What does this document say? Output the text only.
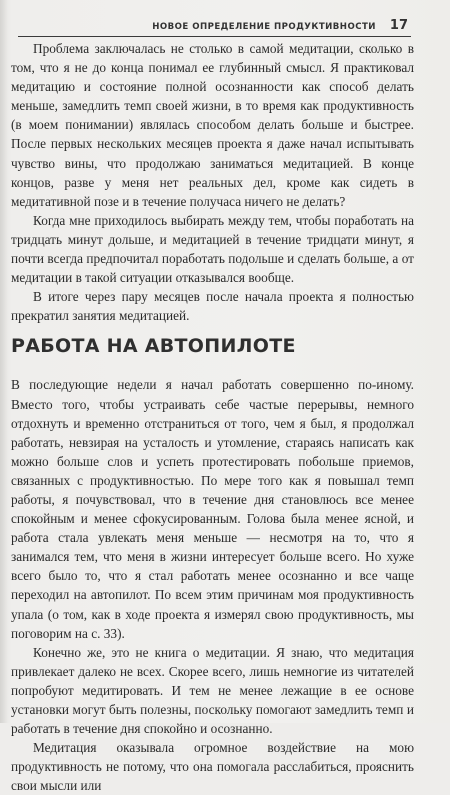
НОВОЕ ОПРЕДЕЛЕНИЕ ПРОДУКТИВНОСТИ 17

Проблема заключалась не столько в самой медитации, сколько в том, что я не до конца понимал ее глубинный смысл. Я практиковал медитацию и состояние полной осознанности как способ делать меньше, замедлить темп своей жизни, в то время как продуктивность (в моем понимании) являлась способом делать больше и быстрее. После первых нескольких месяцев проекта я даже начал испытывать чувство вины, что продолжаю заниматься медитацией. В конце концов, разве у меня нет реальных дел, кроме как сидеть в медитативной позе и в течение получаса ничего не делать?

Когда мне приходилось выбирать между тем, чтобы поработать на тридцать минут дольше, и медитацией в течение тридцати минут, я почти всегда предпочитал поработать подольше и сделать больше, а от медитации в такой ситуации отказывался вообще.

В итоге через пару месяцев после начала проекта я полностью прекратил занятия медитацией.

РАБОТА НА АВТОПИЛОТЕ

В последующие недели я начал работать совершенно по-иному. Вместо того, чтобы устраивать себе частые перерывы, немного отдохнуть и временно отстраниться от того, чем я был, я продолжал работать, невзирая на усталость и утомление, стараясь написать как можно больше слов и успеть протестировать побольше приемов, связанных с продуктивностью. По мере того как я повышал темп работы, я почувствовал, что в течение дня становлюсь все менее спокойным и менее сфокусированным. Голова была менее ясной, и работа стала увлекать меня меньше — несмотря на то, что я занимался тем, что меня в жизни интересует больше всего. Но хуже всего было то, что я стал работать менее осознанно и все чаще переходил на автопилот. По всем этим причинам моя продуктивность упала (о том, как в ходе проекта я измерял свою продуктивность, мы поговорим на с. 33).

Конечно же, это не книга о медитации. Я знаю, что медитация привлекает далеко не всех. Скорее всего, лишь немногие из читателей попробуют медитировать. И тем не менее лежащие в ее основе установки могут быть полезны, поскольку помогают замедлить темп и работать в течение дня спокойно и осознанно.

Медитация оказывала огромное воздействие на мою продуктивность не потому, что она помогала расслабиться, прояснить свои мысли или
